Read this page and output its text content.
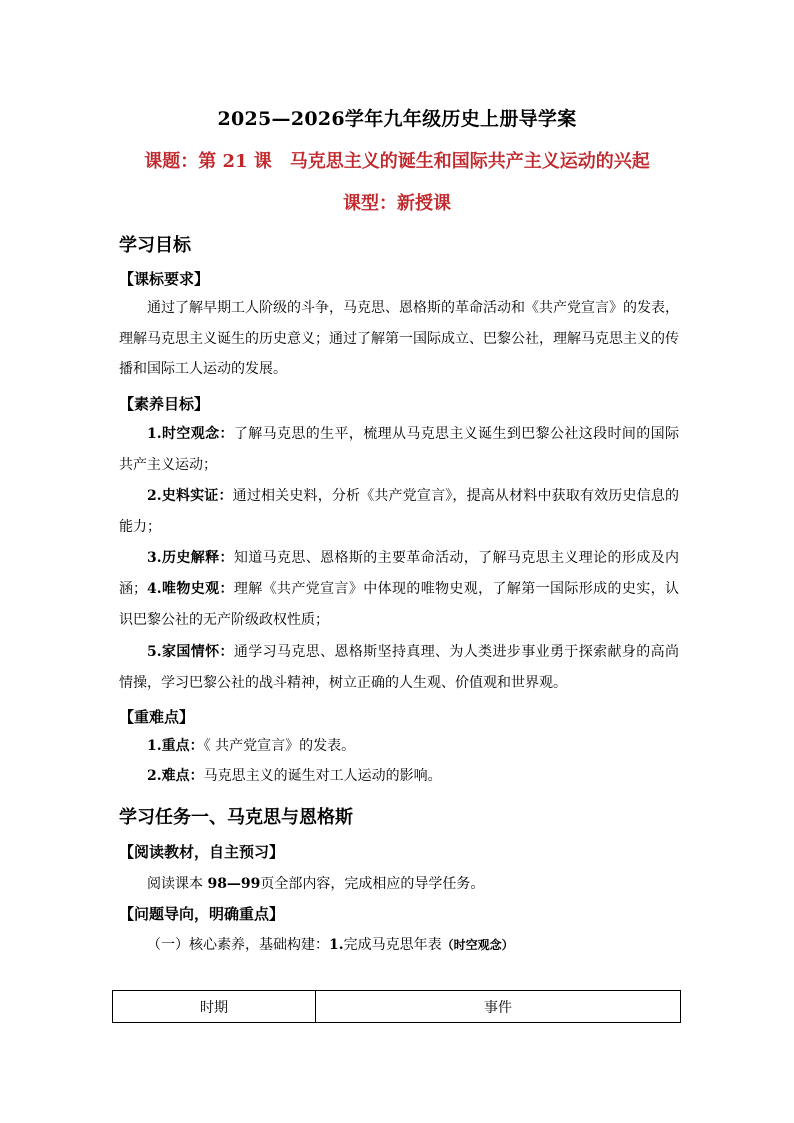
2025—2026学年九年级历史上册导学案
课题：第 21 课　马克思主义的诞生和国际共产主义运动的兴起
课型：新授课
学习目标
【课标要求】

通过了解早期工人阶级的斗争，马克思、恩格斯的革命活动和《共产党宣言》的发表，理解马克思主义诞生的历史意义；通过了解第一国际成立、巴黎公社，理解马克思主义的传播和国际工人运动的发展。

【素养目标】

1.时空观念：了解马克思的生平，梳理从马克思主义诞生到巴黎公社这段时间的国际共产主义运动；

2.史料实证：通过相关史料，分析《共产党宣言》，提高从材料中获取有效历史信息的能力；

3.历史解释：知道马克思、恩格斯的主要革命活动，了解马克思主义理论的形成及内涵； 4.唯物史观：理解《共产党宣言》中体现的唯物史观，了解第一国际形成的史实，认识巴黎公社的无产阶级政权性质；

5.家国情怀：通学习马克思、恩格斯坚持真理、为人类进步事业勇于探索献身的高尚情操，学习巴黎公社的战斗精神，树立正确的人生观、价值观和世界观。

【重难点】

1.重点：《 共产党宣言》的发表。

2.难点：马克思主义的诞生对工人运动的影响。

学习任务一、马克思与恩格斯
【阅读教材，自主预习】
阅读课本 98—99页全部内容，完成相应的导学任务。
【问题导向，明确重点】
（一）核心素养，基础构建：1.完成马克思年表（时空观念）
时期	事件
